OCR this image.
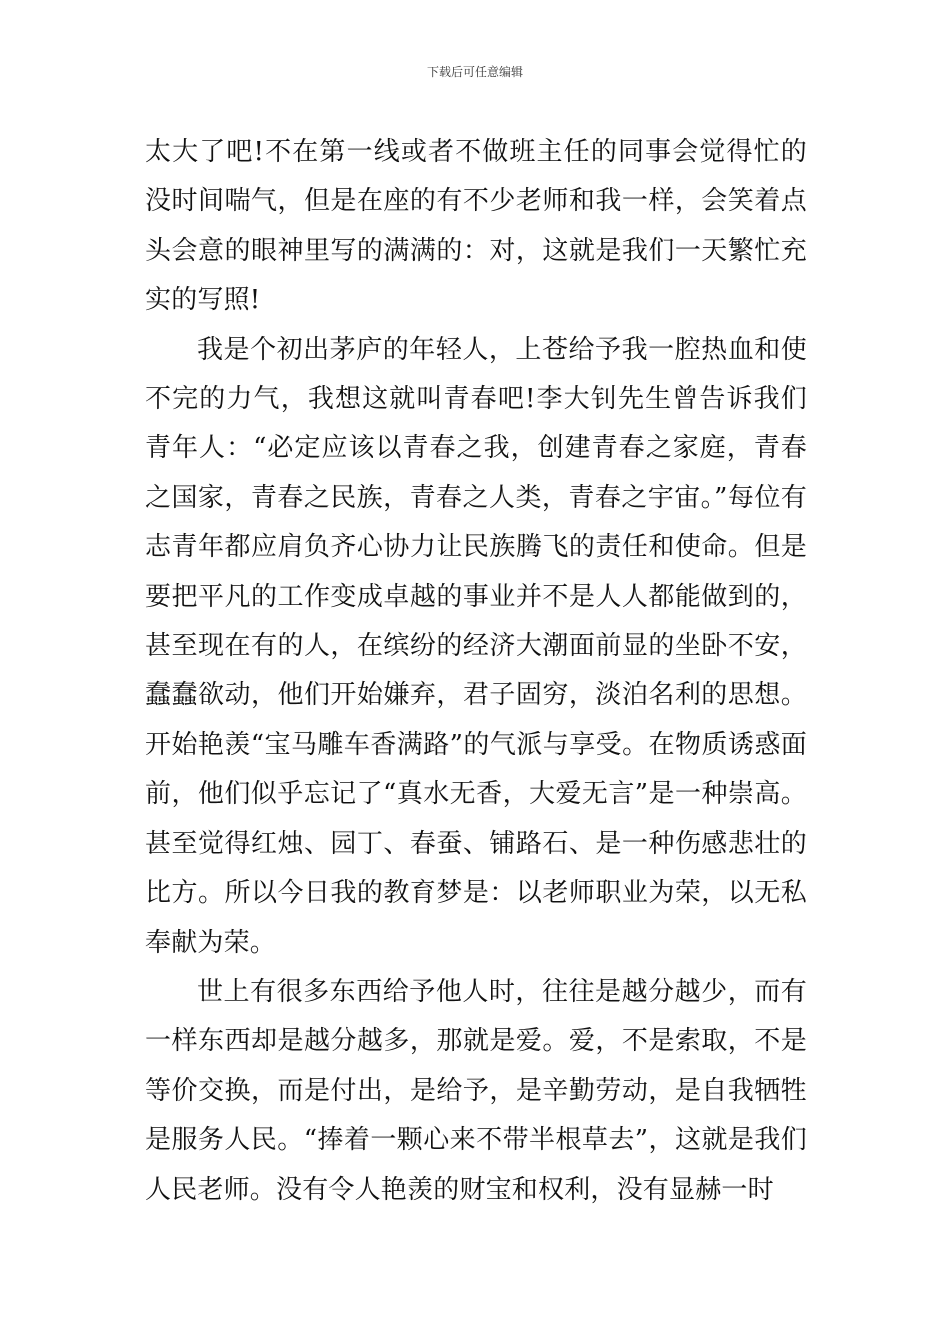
下载后可任意编辑

太大了吧!不在第一线或者不做班主任的同事会觉得忙的没时间喘气，但是在座的有不少老师和我一样，会笑着点头会意的眼神里写的满满的：对，这就是我们一天繁忙充实的写照!

我是个初出茅庐的年轻人，上苍给予我一腔热血和使不完的力气，我想这就叫青春吧!李大钊先生曾告诉我们青年人：“必定应该以青春之我，创建青春之家庭，青春之国家，青春之民族，青春之人类，青春之宇宙。”每位有志青年都应肩负齐心协力让民族腾飞的责任和使命。但是要把平凡的工作变成卓越的事业并不是人人都能做到的，甚至现在有的人，在缤纷的经济大潮面前显的坐卧不安，蠢蠢欲动，他们开始嫌弃，君子固穷，淡泊名利的思想。开始艳羡“宝马雕车香满路”的气派与享受。在物质诱惑面前，他们似乎忘记了“真水无香，大爱无言”是一种崇高。甚至觉得红烛、园丁、春蚕、铺路石、是一种伤感悲壮的比方。所以今日我的教育梦是：以老师职业为荣，以无私奉献为荣。

世上有很多东西给予他人时，往往是越分越少，而有一样东西却是越分越多，那就是爱。爱，不是索取，不是等价交换，而是付出，是给予，是辛勤劳动，是自我牺牲是服务人民。“捧着一颗心来不带半根草去”，这就是我们人民老师。没有令人艳羡的财宝和权利，没有显赫一时
